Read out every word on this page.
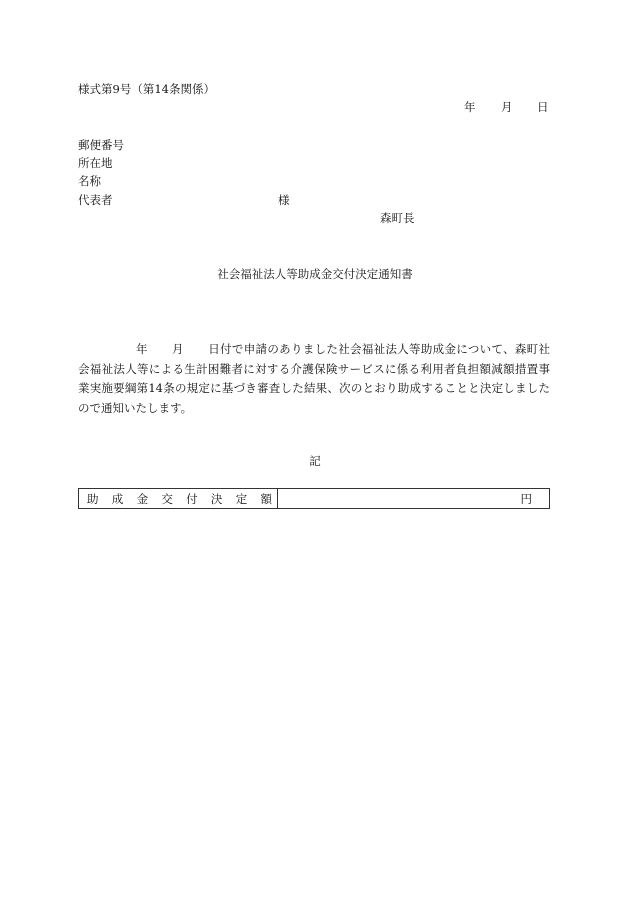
様式第9号（第14条関係）
年 月 日
郵便番号
所在地
名称
代表者	様
森町長
社会福祉法人等助成金交付決定通知書
年 月 日付で申請のありました社会福祉法人等助成金について、森町社
会福祉法人等による生計困難者に対する介護保険サービスに係る利用者負担額減額措置事
業実施要綱第14条の規定に基づき審査した結果、次のとおり助成することと決定しました
ので通知いたします。
記
助 成 金 交 付 決 定 額	円
